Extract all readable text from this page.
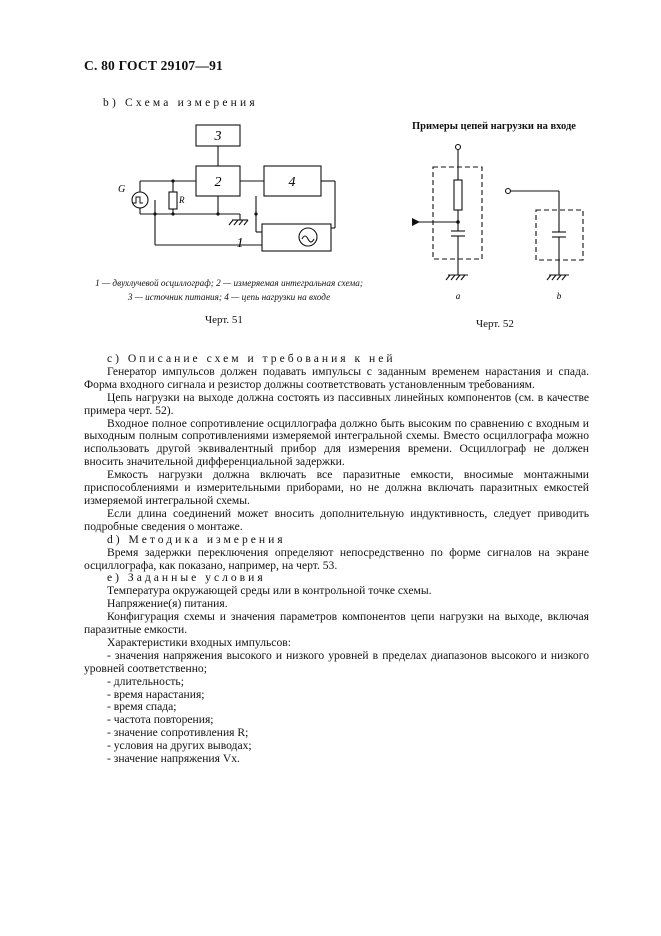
С. 80 ГОСТ 29107—91
b) Схема измерения
3
2	4
1
G
R
a	b
Примеры цепей нагрузки на входе
1 — двухлучевой осциллограф; 2 — измеряемая интегральная схема; 3 — источник питания; 4 — цепь нагрузки на входе
Черт. 51	Черт. 52

c) Описание схем и требования к ней

Генератор импульсов должен подавать импульсы с заданным временем нарастания и спада. Форма входного сигнала и резистор должны соответствовать установленным требованиям.

Цепь нагрузки на выходе должна состоять из пассивных линейных компонентов (см. в качестве примера черт. 52).

Входное полное сопротивление осциллографа должно быть высоким по сравнению с входным и выходным полным сопротивлениями измеряемой интегральной схемы. Вместо осциллографа можно использовать другой эквивалентный прибор для измерения времени. Осциллограф не должен вносить значительной дифференциальной задержки.

Емкость нагрузки должна включать все паразитные емкости, вносимые монтажными приспособлениями и измерительными приборами, но не должна включать паразитных емкостей измеряемой интегральной схемы.

Если длина соединений может вносить дополнительную индуктивность, следует приводить подробные сведения о монтаже.

d) Методика измерения

Время задержки переключения определяют непосредственно по форме сигналов на экране осциллографа, как показано, например, на черт. 53.

e) Заданные условия

Температура окружающей среды или в контрольной точке схемы.

Напряжение(я) питания.

Конфигурация схемы и значения параметров компонентов цепи нагрузки на выходе, включая паразитные емкости.

Характеристики входных импульсов:

- значения напряжения высокого и низкого уровней в пределах диапазонов высокого и низкого уровней соответственно;

- длительность;

- время нарастания;

- время спада;

- частота повторения;

- значение сопротивления R;

- условия на других выводах;

- значение напряжения Vx.
